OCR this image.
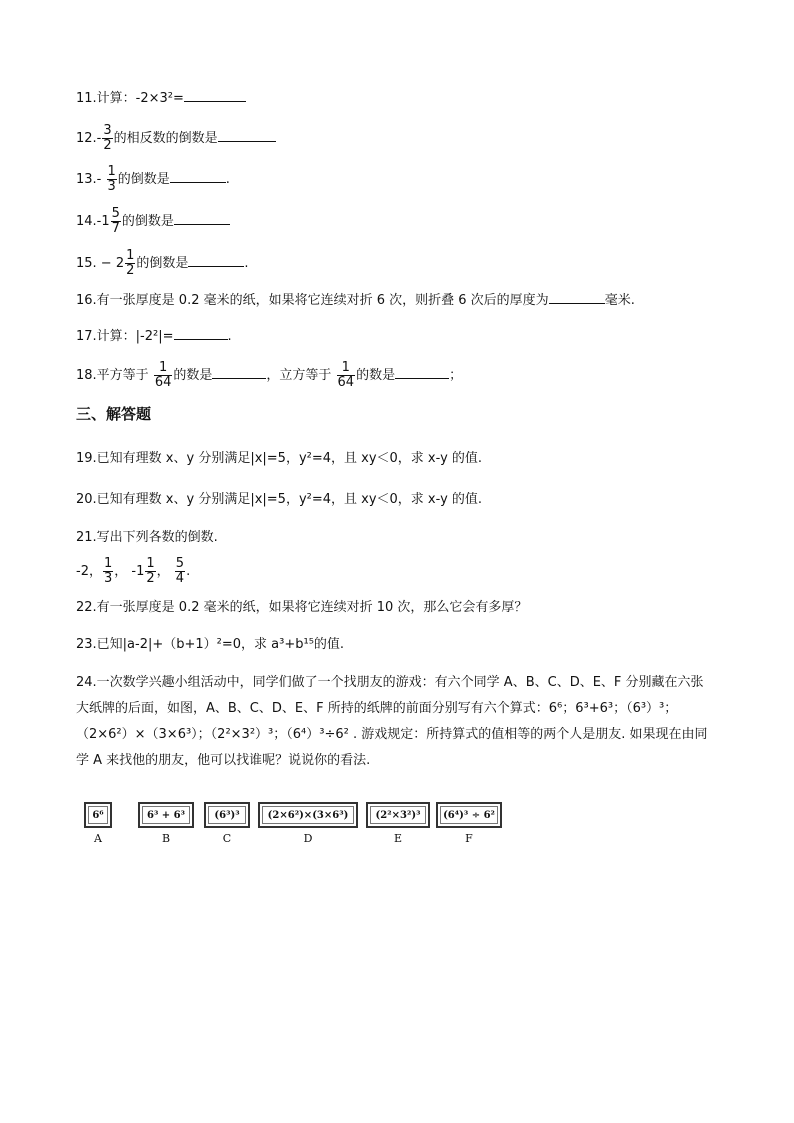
11.计算：-2×3²=
$12.- \frac{3}{2}$ 的相反数的倒数是
$13.- \frac{1}{3}$ 的倒数是	.
$14.-1 \frac{5}{7}$ 的倒数是
15. − $2 \frac{1}{2}$ 的倒数是	.
16.有一张厚度是 0.2 毫米的纸，如果将它连续对折 6 次，则折叠 6 次后的厚度为	毫米.
17.计算：|-2²|=	.
18.平方等于 $\frac{1}{64}$ 的数是	，立方等于 $\frac{1}{64}$ 的数是	；
三、解答题
19.已知有理数 x、y 分别满足|x|=5，y²=4，且 xy＜0，求 x-y 的值.
20.已知有理数 x、y 分别满足|x|=5，y²=4，且 xy＜0，求 x-y 的值.
21.写出下列各数的倒数.
-2， $\frac{1}{3}$ ， $-1 \frac{1}{2}$ ， $\frac{5}{4}$ .
22.有一张厚度是 0.2 毫米的纸，如果将它连续对折 10 次，那么它会有多厚？
23.已知|a-2|+（b+1）²=0，求 a³+b¹⁵的值.
24.一次数学兴趣小组活动中，同学们做了一个找朋友的游戏：有六个同学 A、B、C、D、E、F 分别藏在六张大纸牌的后面，如图，A、B、C、D、E、F 所持的纸牌的前面分别写有六个算式：6⁶；6³+6³；（6³）³；（2×6²）×（3×6³）；（2²×3²）³；（6⁴）³÷6² . 游戏规定：所持算式的值相等的两个人是朋友. 如果现在由同学 A 来找他的朋友，他可以找谁呢？说说你的看法.
6⁶
A
6³ + 6³
B
(6³)³
C
(2×6²)×(3×6³)
D
(2²×3²)³
E
(6⁴)³ ÷ 6²
F
